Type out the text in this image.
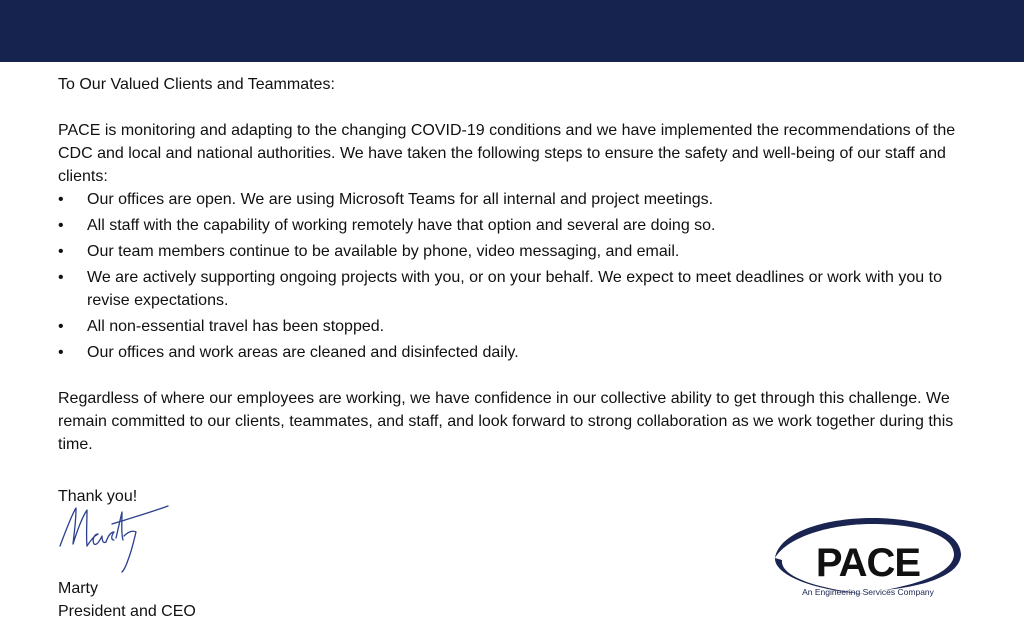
To Our Valued Clients and Teammates:

PACE is monitoring and adapting to the changing COVID-19 conditions and we have implemented the recommendations of the CDC and local and national authorities. We have taken the following steps to ensure the safety and well-being of our staff and clients:

• Our offices are open. We are using Microsoft Teams for all internal and project meetings.
• All staff with the capability of working remotely have that option and several are doing so.
• Our team members continue to be available by phone, video messaging, and email.
• We are actively supporting ongoing projects with you, or on your behalf. We expect to meet deadlines or work with you to revise expectations.
• All non-essential travel has been stopped.
• Our offices and work areas are cleaned and disinfected daily.

Regardless of where our employees are working, we have confidence in our collective ability to get through this challenge. We remain committed to our clients, teammates, and staff, and look forward to strong collaboration as we work together during this time.

Thank you!

Marty
President and CEO
PACE
An Engineering Services Company
